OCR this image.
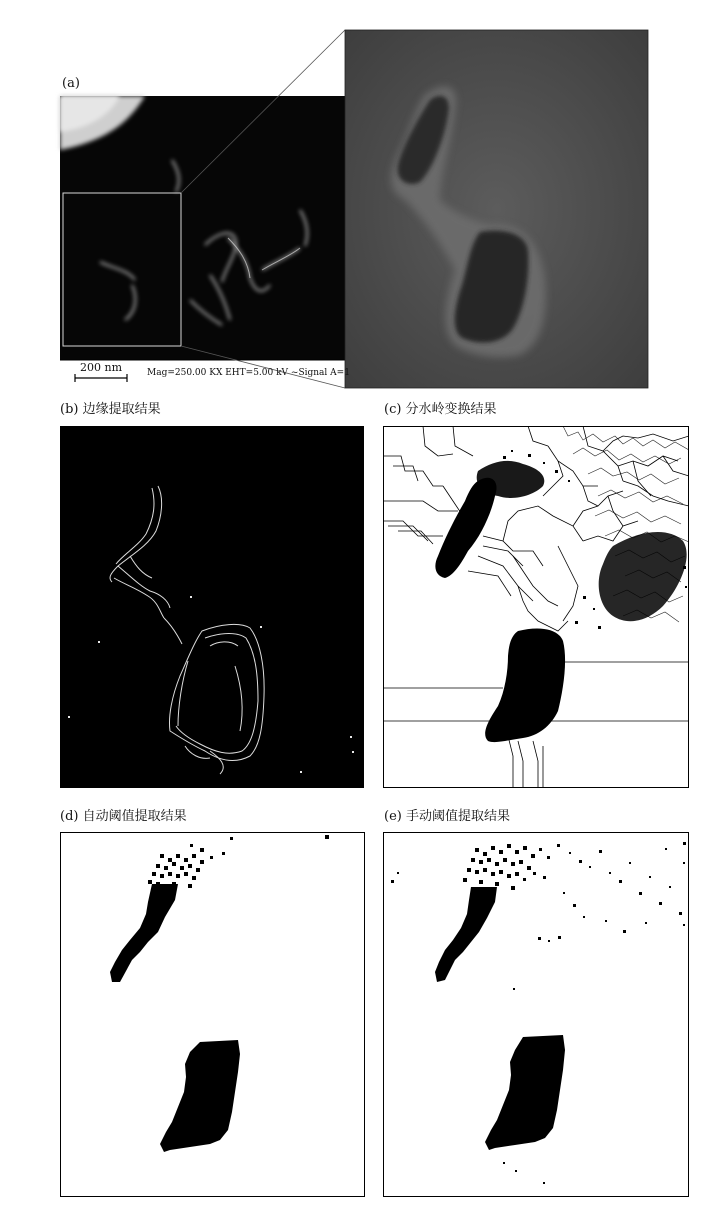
(a)
200 nm	Mag=250.00 KX EHT=5.00 kV ~Signal A=1
(b) 边缘提取结果	(c) 分水岭变换结果
(d) 自动阈值提取结果	(e) 手动阈值提取结果
